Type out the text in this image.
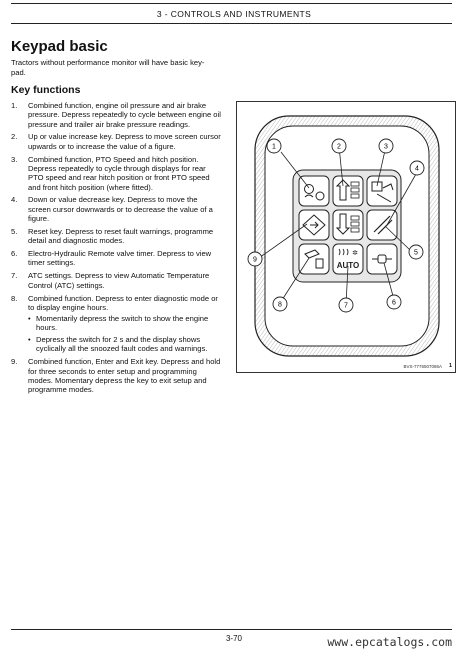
3 - CONTROLS AND INSTRUMENTS
Keypad basic
Tractors without performance monitor will have basic key-pad.
Key functions
1.	Combined function, engine oil pressure and air brake pressure. Depress repeatedly to cycle between engine oil pressure and trailer air brake pressure readings.
2.	Up or value increase key. Depress to move screen cursor upwards or to increase the value of a figure.
3.	Combined function, PTO Speed and hitch position. Depress repeatedly to cycle through displays for rear PTO speed and rear hitch position or front PTO speed and front hitch position (where fitted).
4.	Down or value decrease key. Depress to move the screen cursor downwards or to decrease the value of a figure.
5.	Reset key. Depress to reset fault warnings, programme detail and diagnostic modes.
6.	Electro-Hydraulic Remote valve timer. Depress to view timer settings.
7.	ATC settings. Depress to view Automatic Temperature Control (ATC) settings.
8.	Combined function. Depress to enter diagnostic mode or to display engine hours.
• Momentarily depress the switch to show the engine hours.
• Depress the switch for 2 s and the display shows cyclically all the snoozed fault codes and warnings.
9.	Combined function, Enter and Exit key. Depress and hold for three seconds to enter setup and programming modes. Momentary depress the key to exit setup and programme modes.
✲
AUTO
1	2	3
4
5
6
7
8
9
BVS-7776507086A 1
3-70	www.epcatalogs.com
